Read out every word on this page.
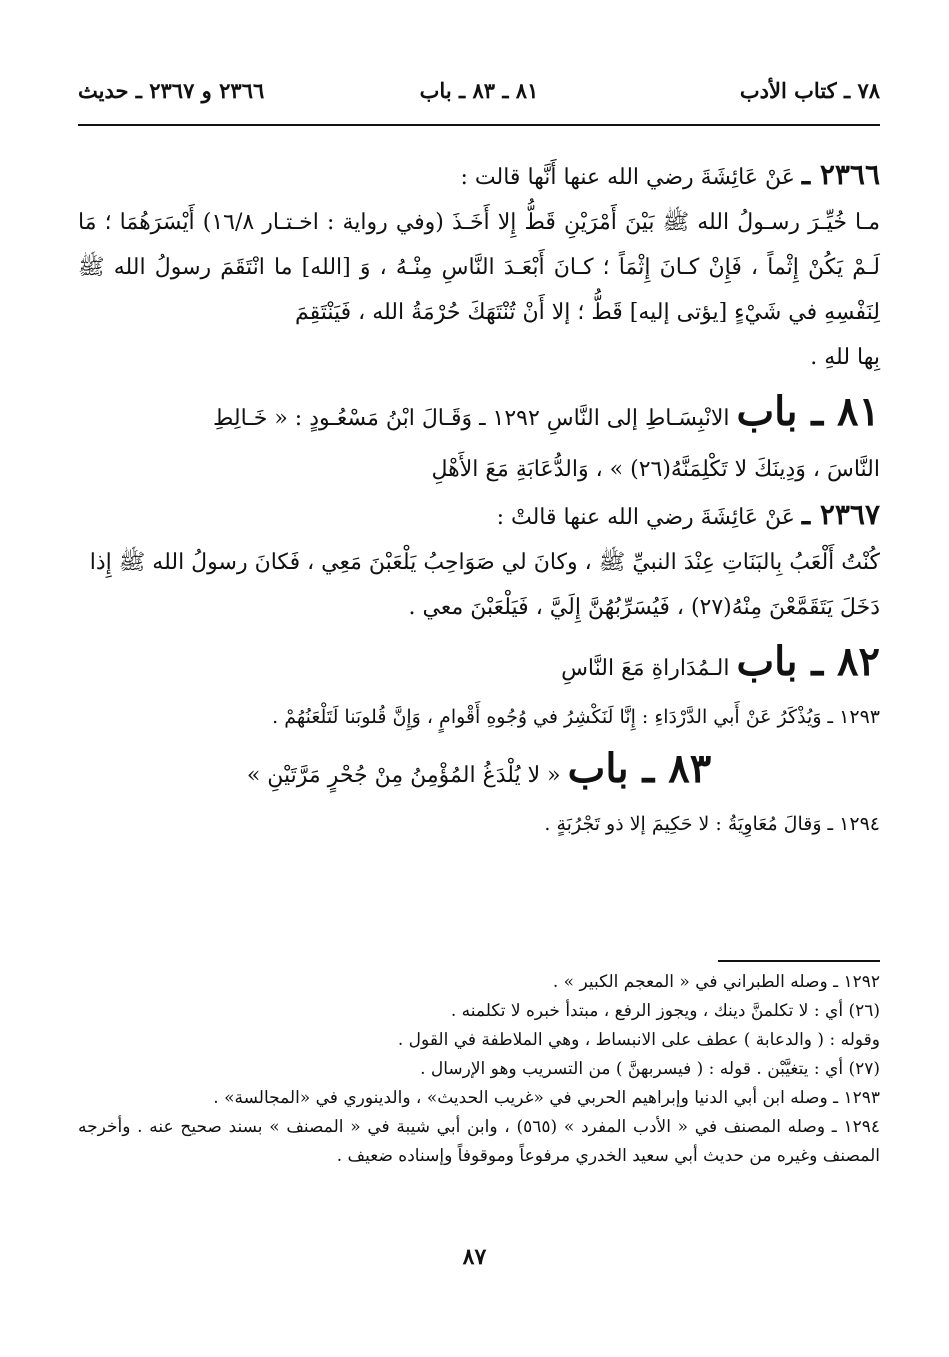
٧٨ ـ كتاب الأدب
٨١ ـ ٨٣ ـ باب
٢٣٦٦ و ٢٣٦٧ ـ حديث

٢٣٦٦ ـ عَنْ عَائِشَةَ رضي الله عنها أَنَّها قالت :

مـا خُيِّـرَ رسـولُ الله ﷺ بَيْنَ أَمْرَيْنِ قَطُّ إِلا أَخَـذَ (وفي رواية : اخـتـار ١٦/٨) أَيْسَرَهُمَا ؛ مَا لَـمْ يَكُنْ إِثْماً ، فَإِنْ كـانَ إِثْمَاً ؛ كـانَ أَبْعَـدَ النَّاسِ مِنْـهُ ، وَ [الله] ما انْتَقَمَ رسولُ الله ﷺ لِنَفْسِهِ في شَيْءٍ [يؤتى إليه] قَطُّ ؛ إلا أَنْ تُنْتَهَكَ حُرْمَةُ الله ، فَيَنْتَقِمَ

بِها للهِ .

٨١ ـ باب الانْبِسَـاطِ إلى النَّاسِ ١٢٩٢ ـ وَقَـالَ ابْنُ مَسْعُـودٍ : « خَـالِطِ

النَّاسَ ، وَدِينَكَ لا تَكْلِمَنَّهُ(٢٦) » ، وَالدُّعَابَةِ مَعَ الأَهْلِ

٢٣٦٧ ـ عَنْ عَائِشَةَ رضي الله عنها قالتْ :

كُنْتُ أَلْعَبُ بِالبَنَاتِ عِنْدَ النبيِّ ﷺ ، وكانَ لي صَوَاحِبُ يَلْعَبْنَ مَعِي ، فَكانَ رسولُ الله ﷺ إِذا دَخَلَ يَتَقَمَّعْنَ مِنْهُ(٢٧) ، فَيُسَرِّبُهُنَّ إِلَيَّ ، فَيَلْعَبْنَ معي .

٨٢ ـ باب الـمُدَاراةِ مَعَ النَّاسِ

١٢٩٣ ـ وَيُذْكَرُ عَنْ أَبي الدَّرْدَاءِ : إِنَّا لَنَكْشِرُ في وُجُوهِ أَقْوامٍ ، وَإِنَّ قُلوبَنا لَتَلْعَنُهُمْ .

٨٣ ـ باب « لا يُلْدَغُ المُؤْمِنُ مِنْ جُحْرٍ مَرَّتَيْنِ »

١٢٩٤ ـ وَقالَ مُعَاوِيَةُ : لا حَكِيمَ إلا ذو تَجْرُبَةٍ .

١٢٩٢ ـ وصله الطبراني في « المعجم الكبير » .

(٢٦) أي : لا تكلمنَّ دينك ، ويجوز الرفع ، مبتدأ خبره لا تكلمنه .

وقوله : ( والدعابة ) عطف على الانبساط ، وهي الملاطفة في القول .

(٢٧) أي : يتغيَّبْن . قوله : ( فيسربهنَّ ) من التسريب وهو الإرسال .

١٢٩٣ ـ وصله ابن أبي الدنيا وإبراهيم الحربي في «غريب الحديث» ، والدينوري في «المجالسة» .

١٢٩٤ ـ وصله المصنف في « الأدب المفرد » (٥٦٥) ، وابن أبي شيبة في « المصنف » بسند صحيح عنه . وأخرجه المصنف وغيره من حديث أبي سعيد الخدري مرفوعاً وموقوفاً وإسناده ضعيف .

٨٧
